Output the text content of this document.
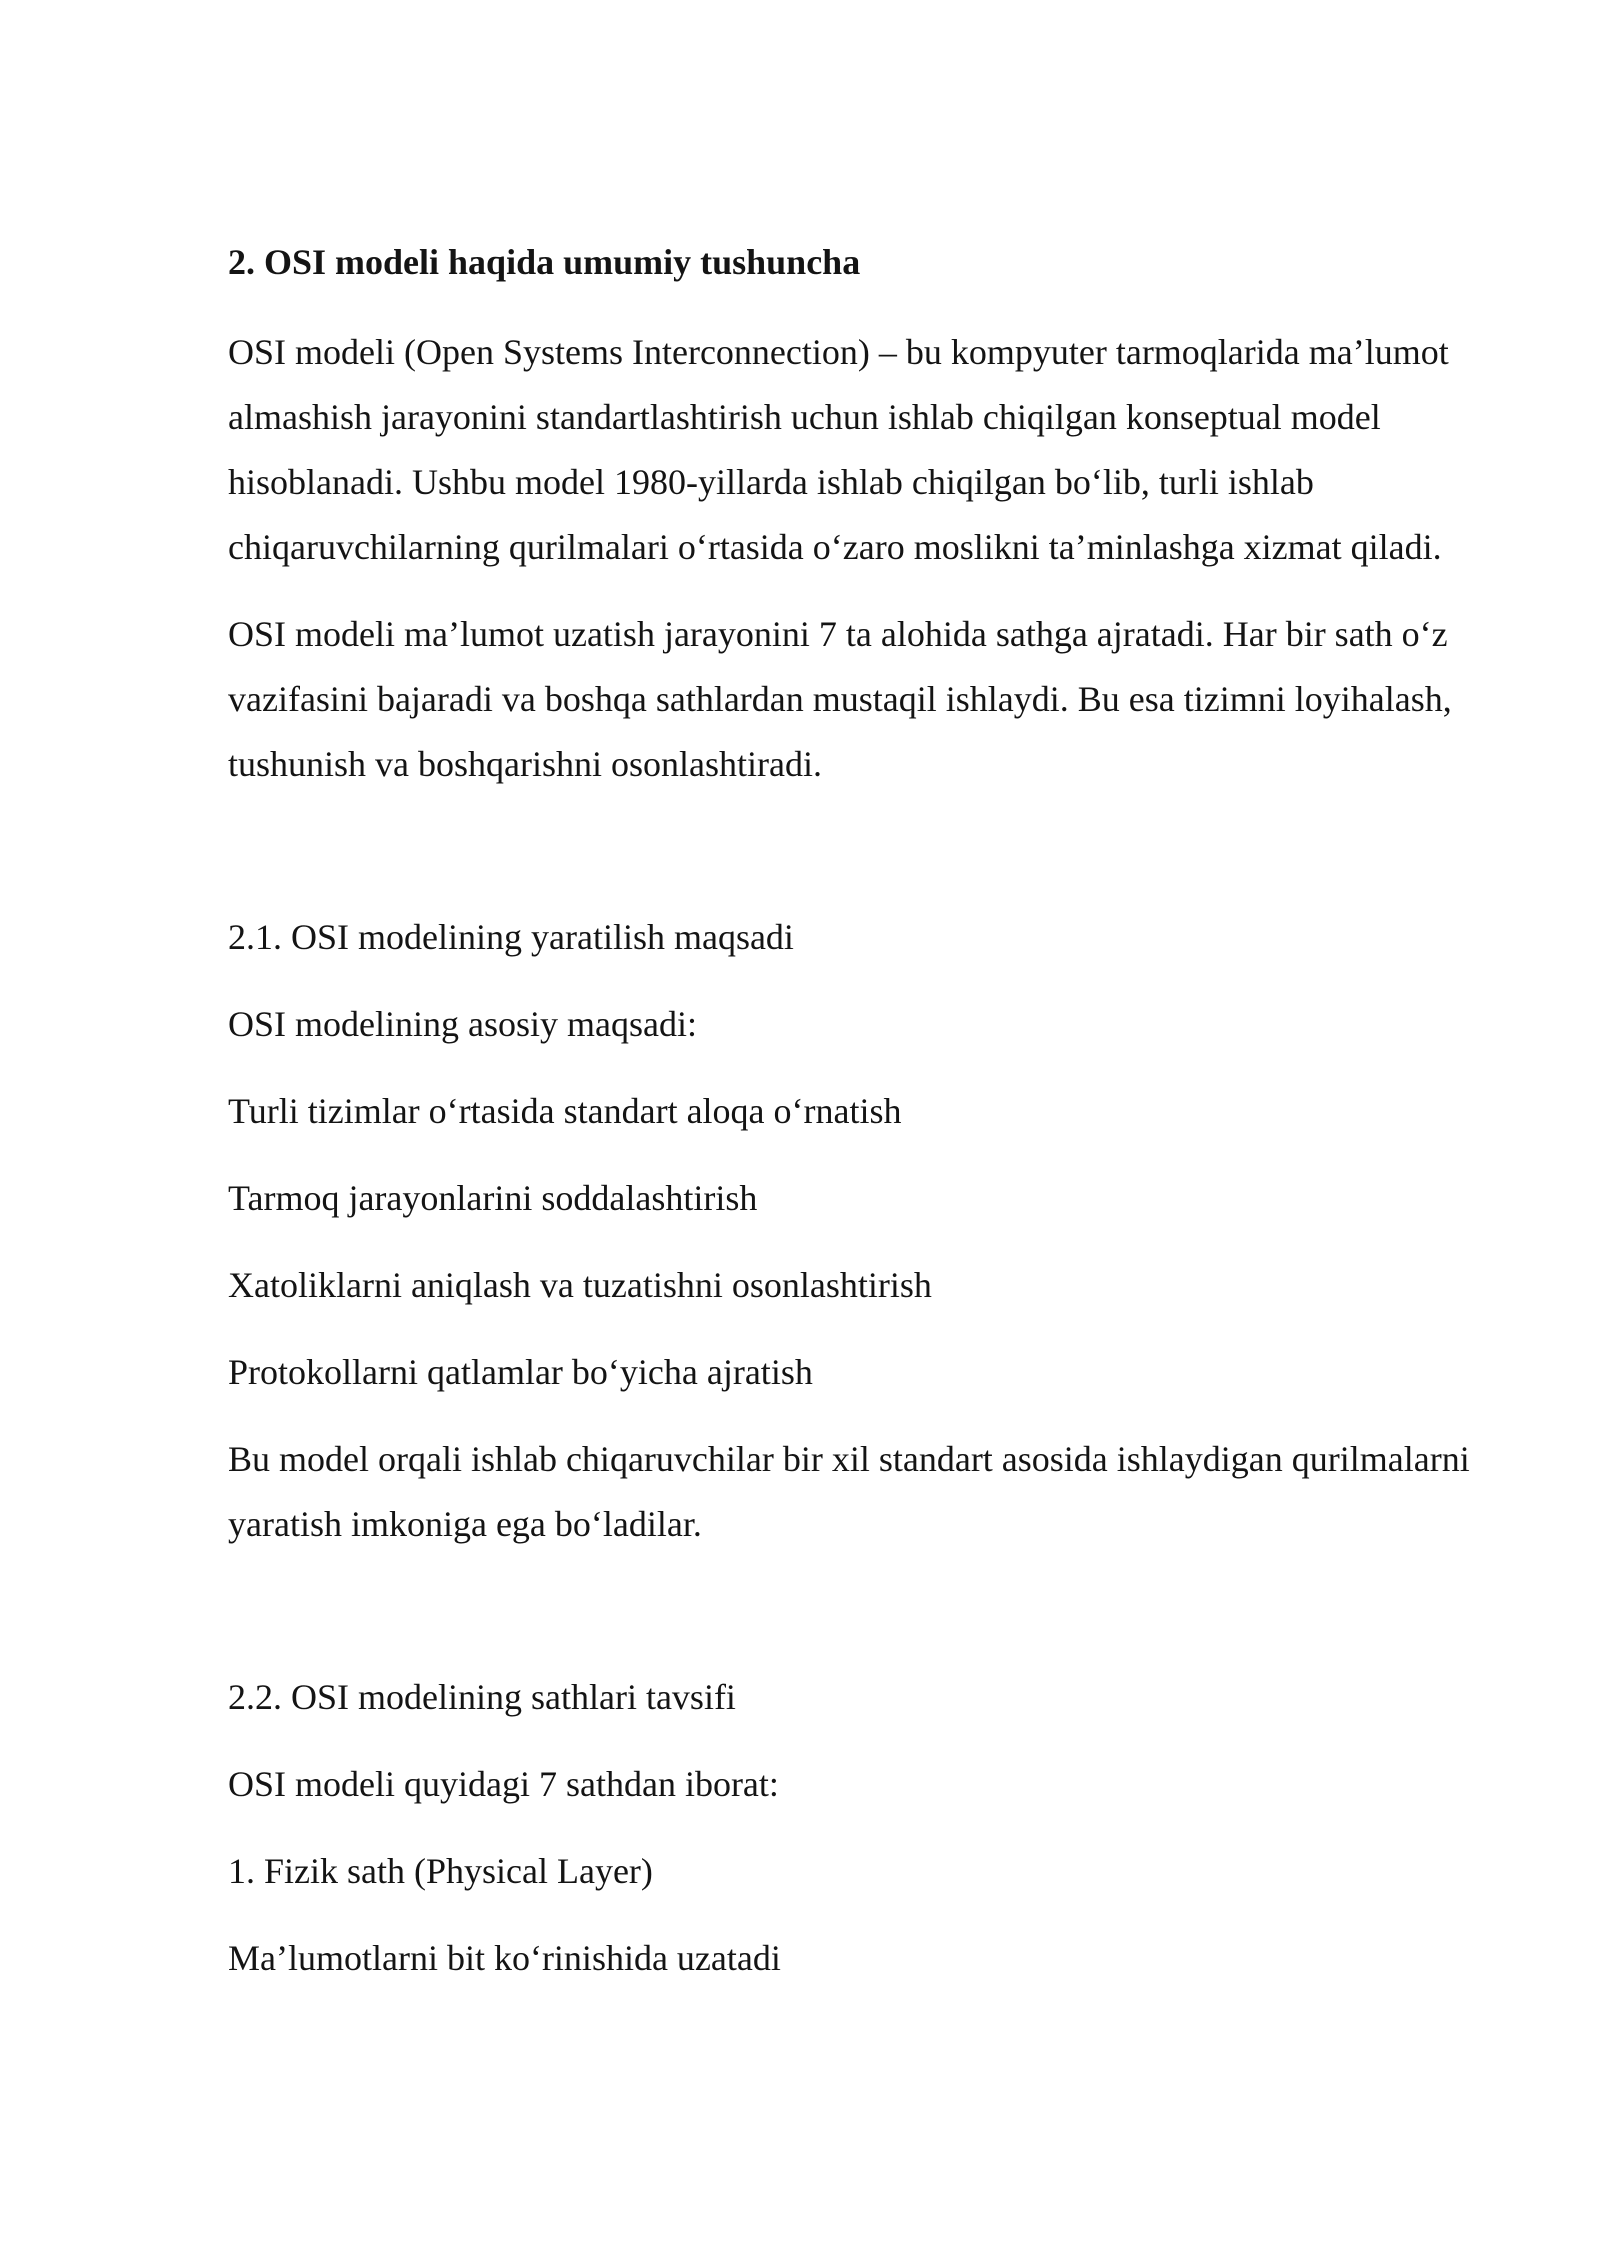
2. OSI modeli haqida umumiy tushuncha
OSI modeli (Open Systems Interconnection) – bu kompyuter tarmoqlarida ma’lumot almashish jarayonini standartlashtirish uchun ishlab chiqilgan konseptual model hisoblanadi. Ushbu model 1980-yillarda ishlab chiqilgan bo‘lib, turli ishlab chiqaruvchilarning qurilmalari o‘rtasida o‘zaro moslikni ta’minlashga xizmat qiladi.
OSI modeli ma’lumot uzatish jarayonini 7 ta alohida sathga ajratadi. Har bir sath o‘z vazifasini bajaradi va boshqa sathlardan mustaqil ishlaydi. Bu esa tizimni loyihalash, tushunish va boshqarishni osonlashtiradi.
2.1. OSI modelining yaratilish maqsadi
OSI modelining asosiy maqsadi:
Turli tizimlar o‘rtasida standart aloqa o‘rnatish
Tarmoq jarayonlarini soddalashtirish
Xatoliklarni aniqlash va tuzatishni osonlashtirish
Protokollarni qatlamlar bo‘yicha ajratish
Bu model orqali ishlab chiqaruvchilar bir xil standart asosida ishlaydigan qurilmalarni yaratish imkoniga ega bo‘ladilar.
2.2. OSI modelining sathlari tavsifi
OSI modeli quyidagi 7 sathdan iborat:
1. Fizik sath (Physical Layer)
Ma’lumotlarni bit ko‘rinishida uzatadi
